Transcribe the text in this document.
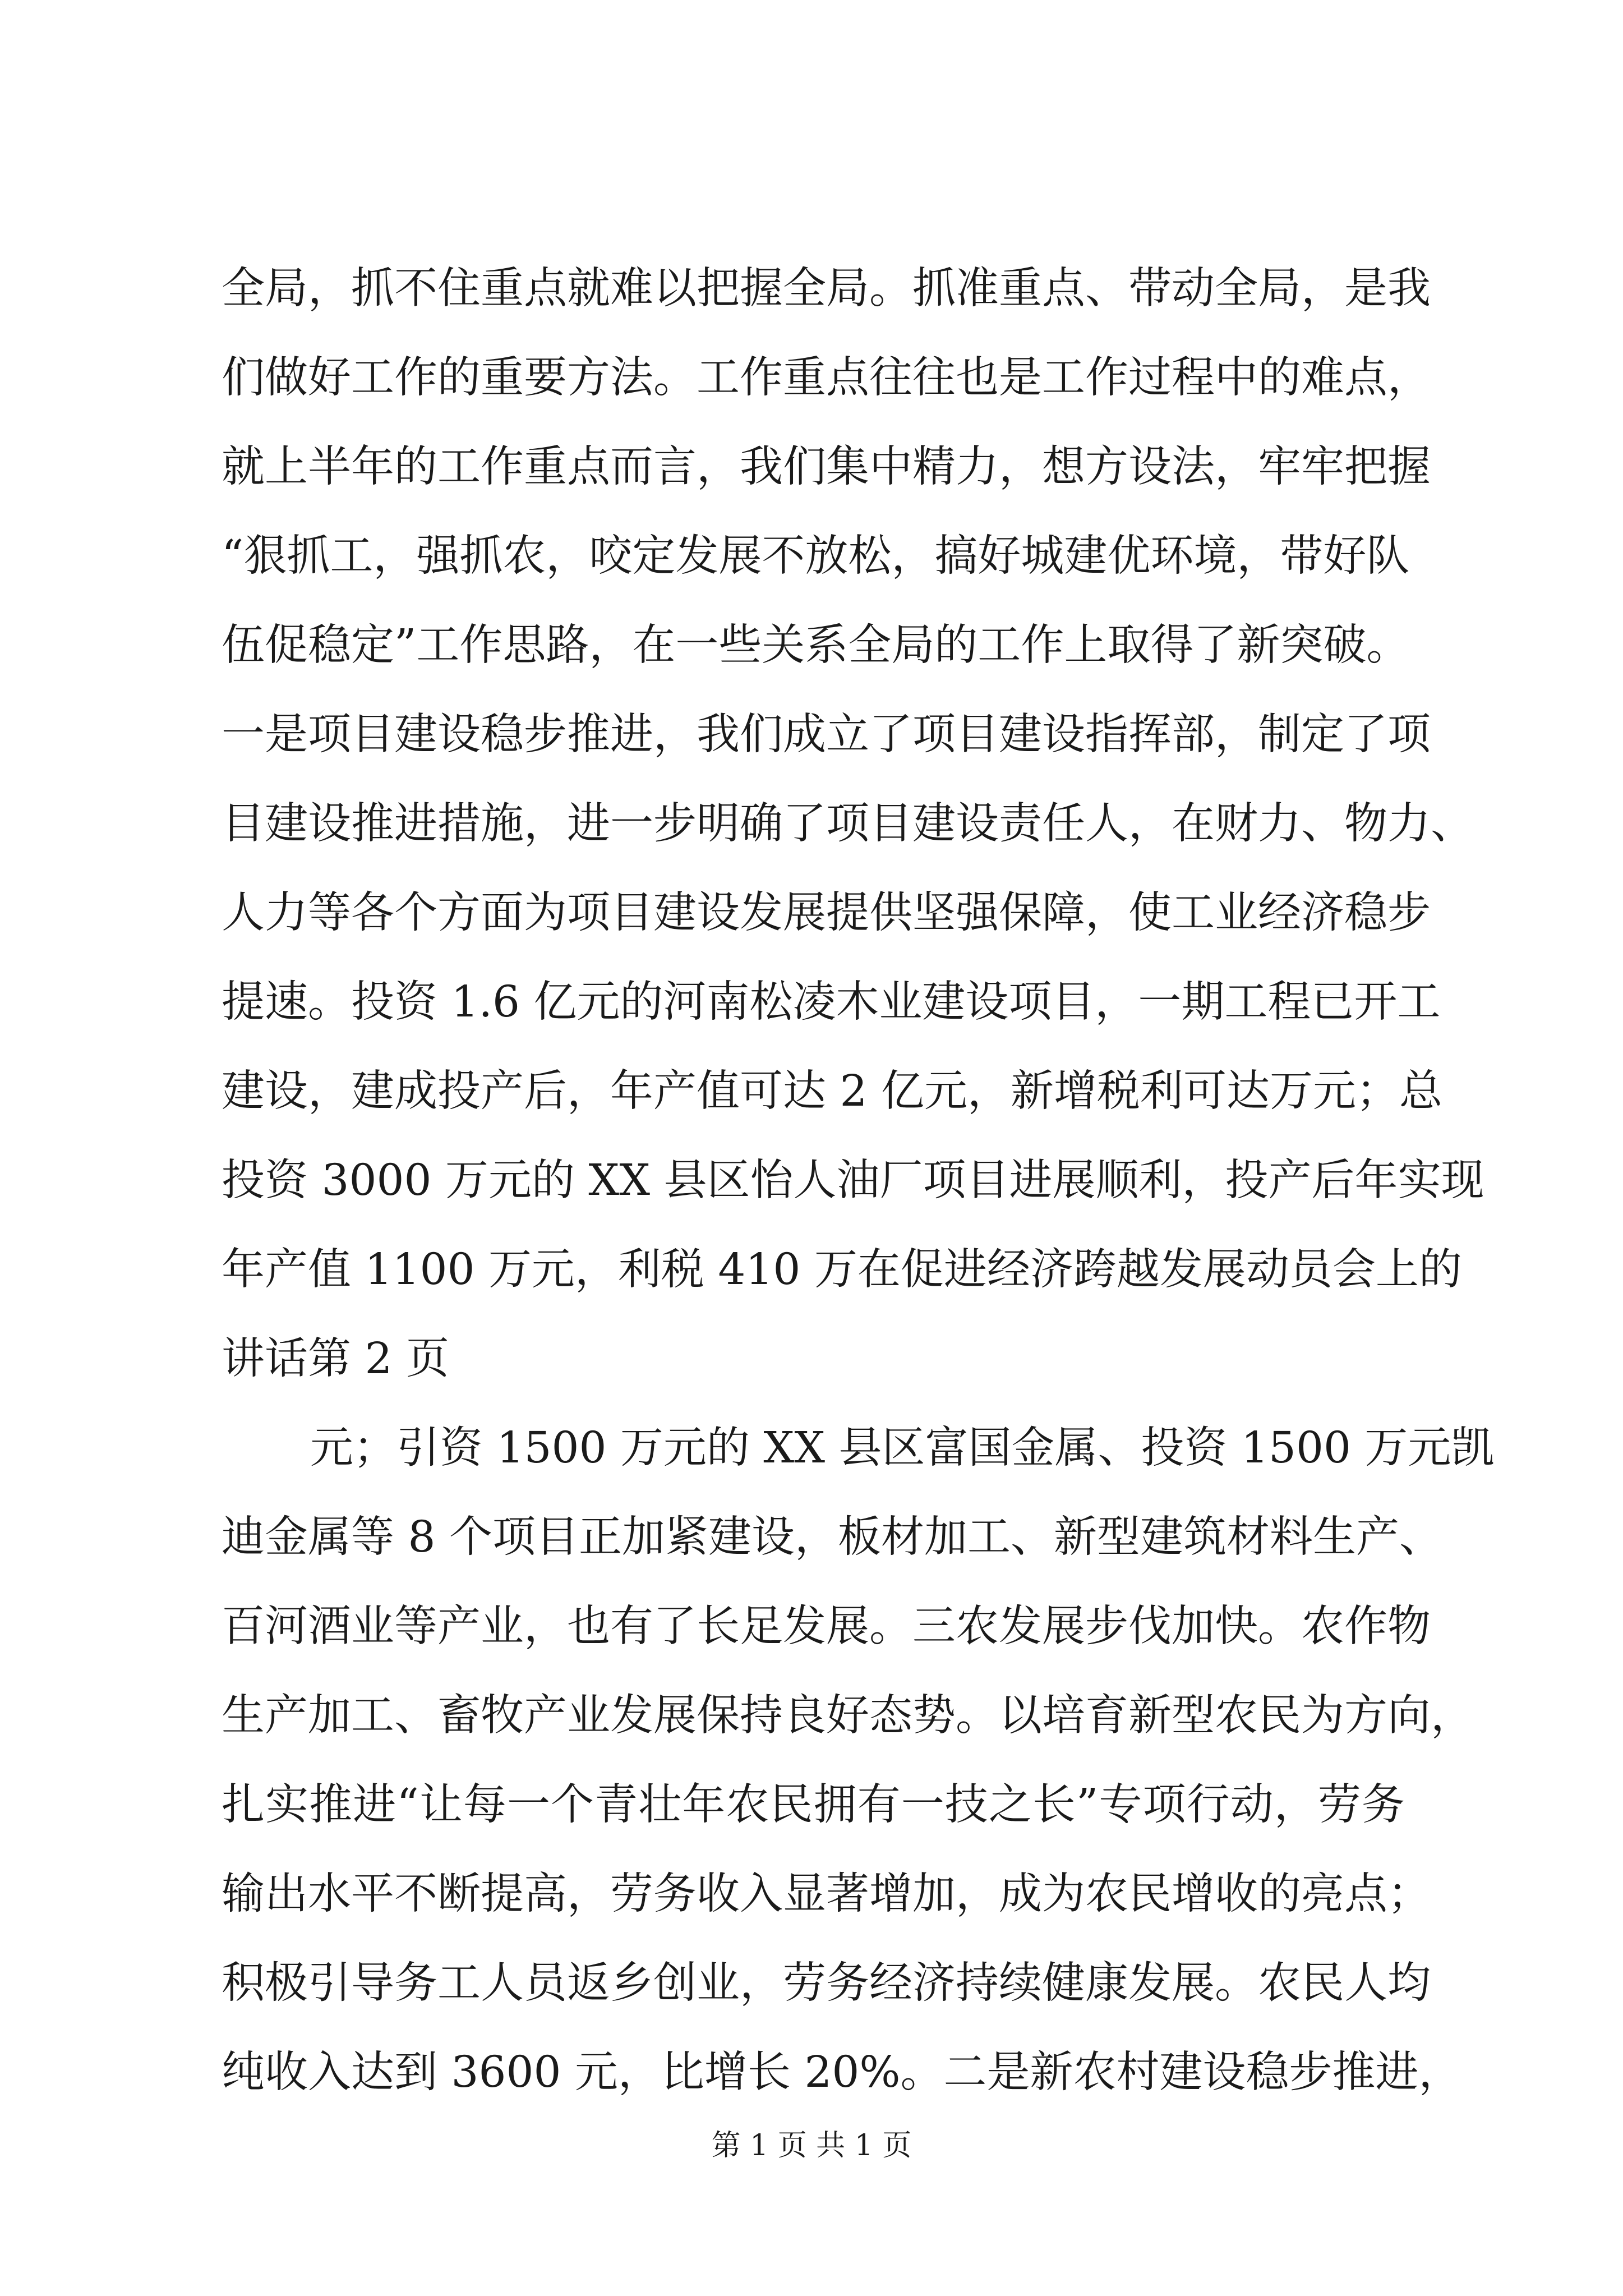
全局，抓不住重点就难以把握全局。抓准重点、带动全局，是我
们做好工作的重要方法。工作重点往往也是工作过程中的难点，
就上半年的工作重点而言，我们集中精力，想方设法，牢牢把握
“狠抓工，强抓农，咬定发展不放松，搞好城建优环境，带好队
伍促稳定”工作思路，在一些关系全局的工作上取得了新突破。
一是项目建设稳步推进，我们成立了项目建设指挥部，制定了项
目建设推进措施，进一步明确了项目建设责任人，在财力、物力、
人力等各个方面为项目建设发展提供坚强保障，使工业经济稳步
提速。投资 1.6 亿元的河南松凌木业建设项目，一期工程已开工
建设，建成投产后，年产值可达 2 亿元，新增税利可达万元；总
投资 3000 万元的 XX 县区怡人油厂项目进展顺利，投产后年实现
年产值 1100 万元，利税 410 万在促进经济跨越发展动员会上的
讲话第 2 页
元；引资 1500 万元的 XX 县区富国金属、投资 1500 万元凯
迪金属等 8 个项目正加紧建设，板材加工、新型建筑材料生产、
百河酒业等产业，也有了长足发展。三农发展步伐加快。农作物
生产加工、畜牧产业发展保持良好态势。以培育新型农民为方向，
扎实推进“让每一个青壮年农民拥有一技之长”专项行动，劳务
输出水平不断提高，劳务收入显著增加，成为农民增收的亮点；
积极引导务工人员返乡创业，劳务经济持续健康发展。农民人均
纯收入达到 3600 元，比增长 20%。二是新农村建设稳步推进，
第 1 页 共 1 页
